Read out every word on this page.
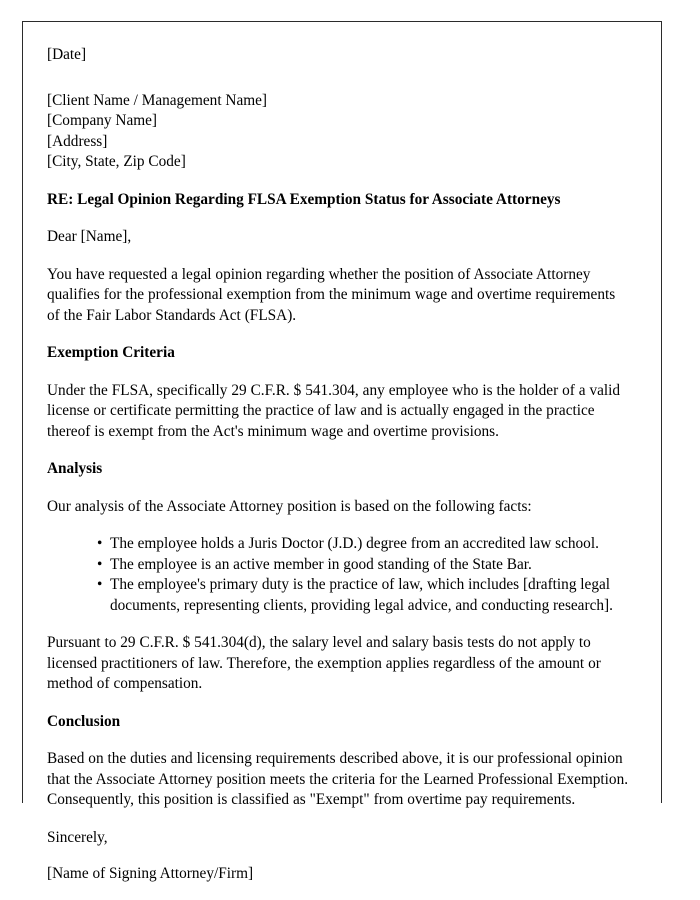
[Date]

[Client Name / Management Name]
[Company Name]
[Address]
[City, State, Zip Code]

RE: Legal Opinion Regarding FLSA Exemption Status for Associate Attorneys

Dear [Name],

You have requested a legal opinion regarding whether the position of Associate Attorney qualifies for the professional exemption from the minimum wage and overtime requirements of the Fair Labor Standards Act (FLSA).

Exemption Criteria

Under the FLSA, specifically 29 C.F.R. $ 541.304, any employee who is the holder of a valid license or certificate permitting the practice of law and is actually engaged in the practice thereof is exempt from the Act's minimum wage and overtime provisions.

Analysis

Our analysis of the Associate Attorney position is based on the following facts:

• The employee holds a Juris Doctor (J.D.) degree from an accredited law school.
• The employee is an active member in good standing of the State Bar.
• The employee's primary duty is the practice of law, which includes [drafting legal documents, representing clients, providing legal advice, and conducting research].

Pursuant to 29 C.F.R. $ 541.304(d), the salary level and salary basis tests do not apply to licensed practitioners of law. Therefore, the exemption applies regardless of the amount or method of compensation.

Conclusion

Based on the duties and licensing requirements described above, it is our professional opinion that the Associate Attorney position meets the criteria for the Learned Professional Exemption. Consequently, this position is classified as "Exempt" from overtime pay requirements.

Sincerely,

[Name of Signing Attorney/Firm]
